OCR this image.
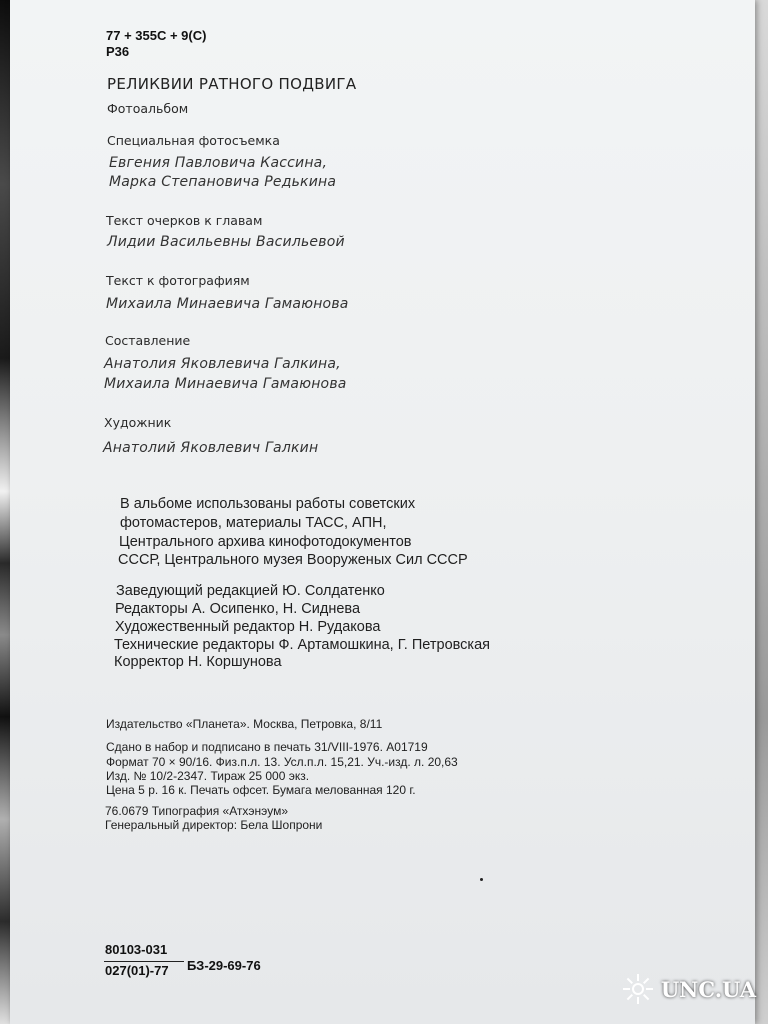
77 + 355С + 9(С)
Р36
РЕЛИКВИИ РАТНОГО ПОДВИГА
Фотоальбом
Специальная фотосъемка
Евгения Павловича Кассина,
Марка Степановича Редькина
Текст очерков к главам
Лидии Васильевны Васильевой
Текст к фотографиям
Михаила Минаевича Гамаюнова
Составление
Анатолия Яковлевича Галкина,
Михаила Минаевича Гамаюнова
Художник
Анатолий Яковлевич Галкин
В альбоме использованы работы советских
фотомастеров, материалы ТАСС, АПН,
Центрального архива кинофотодокументов
СССР, Центрального музея Вооруженых Сил СССР
Заведующий редакцией Ю. Солдатенко
Редакторы А. Осипенко, Н. Сиднева
Художественный редактор Н. Рудакова
Технические редакторы Ф. Артамошкина, Г. Петровская
Корректор Н. Коршунова
Издательство «Планета». Москва, Петровка, 8/11
Сдано в набор и подписано в печать 31/VIII-1976. А01719
Формат 70 × 90/16. Физ.п.л. 13. Усл.п.л. 15,21. Уч.-изд. л. 20,63
Изд. № 10/2-2347. Тираж 25 000 экз.
Цена 5 р. 16 к. Печать офсет. Бумага мелованная 120 г.
76.0679 Типография «Атхэнэум»
Генеральный директор: Бела Шопрони
80103-031
027(01)-77 БЗ-29-69-76
UNC.UA
